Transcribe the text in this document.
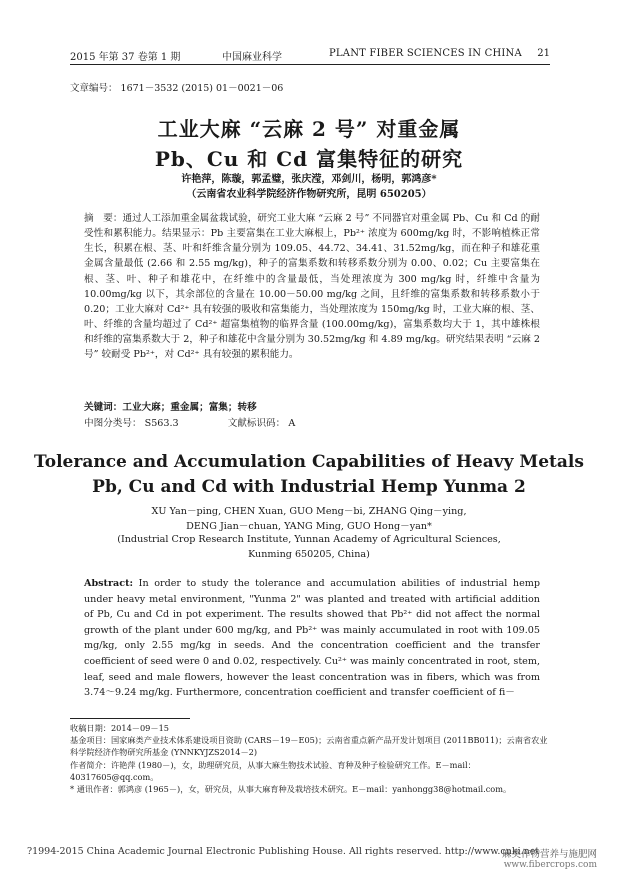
2015 年第 37 卷第 1 期	中国麻业科学	PLANT FIBER SCIENCES IN CHINA 21
文章编号： 1671－3532 (2015) 01－0021－06
工业大麻 “云麻 2 号” 对重金属
Pb、Cu 和 Cd 富集特征的研究
许艳萍，陈璇，郭孟璧，张庆滢，邓剑川，杨明，郭鸿彦*
（云南省农业科学院经济作物研究所，昆明 650205）
摘　要：通过人工添加重金属盆栽试验，研究工业大麻 “云麻 2 号” 不同器官对重金属 Pb、Cu 和 Cd 的耐受性和累积能力。结果显示：Pb 主要富集在工业大麻根上，Pb²⁺ 浓度为 600mg/kg 时，不影响植株正常生长，积累在根、茎、叶和纤维含量分别为 109.05、44.72、34.41、31.52mg/kg，而在种子和雄花重金属含量最低 (2.66 和 2.55 mg/kg)，种子的富集系数和转移系数分别为 0.00、0.02；Cu 主要富集在根、茎、叶、种子和雄花中，在纤维中的含量最低，当处理浓度为 300 mg/kg 时，纤维中含量为 10.00mg/kg 以下，其余部位的含量在 10.00－50.00 mg/kg 之间，且纤维的富集系数和转移系数小于 0.20；工业大麻对 Cd²⁺ 具有较强的吸收和富集能力，当处理浓度为 150mg/kg 时，工业大麻的根、茎、叶、纤维的含量均超过了 Cd²⁺ 超富集植物的临界含量 (100.00mg/kg)，富集系数均大于 1，其中雄株根和纤维的富集系数大于 2，种子和雄花中含量分别为 30.52mg/kg 和 4.89 mg/kg。研究结果表明 “云麻 2 号” 较耐受 Pb²⁺，对 Cd²⁺ 具有较强的累积能力。
关键词：工业大麻；重金属；富集；转移
中图分类号： S563.3	文献标识码： A
Tolerance and Accumulation Capabilities of Heavy Metals
Pb, Cu and Cd with Industrial Hemp Yunma 2
XU Yan－ping, CHEN Xuan, GUO Meng－bi, ZHANG Qing－ying,
DENG Jian－chuan, YANG Ming, GUO Hong－yan*
(Industrial Crop Research Institute, Yunnan Academy of Agricultural Sciences,
Kunming 650205, China)
Abstract: In order to study the tolerance and accumulation abilities of industrial hemp under heavy metal environment, "Yunma 2" was planted and treated with artificial addition of Pb, Cu and Cd in pot experiment. The results showed that Pb²⁺ did not affect the normal growth of the plant under 600 mg/kg, and Pb²⁺ was mainly accumulated in root with 109.05 mg/kg, only 2.55 mg/kg in seeds. And the concentration coefficient and the transfer coefficient of seed were 0 and 0.02, respectively. Cu²⁺ was mainly concentrated in root, stem, leaf, seed and male flowers, however the least concentration was in fibers, which was from 3.74～9.24 mg/kg. Furthermore, concentration coefficient and transfer coefficient of fi－
收稿日期：2014－09－15
基金项目：国家麻类产业技术体系建设项目资助 (CARS－19－E05)；云南省重点新产品开发计划项目 (2011BB011)；云南省农业科学院经济作物研究所基金 (YNNKYJZS2014－2)
作者简介：许艳萍 (1980－)，女，助理研究员，从事大麻生物技术试验、育种及种子检验研究工作。E－mail：40317605@qq.com。
* 通讯作者：郭鸿彦 (1965－)，女，研究员，从事大麻育种及栽培技术研究。E－mail：yanhongg38@hotmail.com。
?1994-2015 China Academic Journal Electronic Publishing House. All rights reserved. http://www.cnki.net
麻类作物营养与施肥网
www.fibercrops.com
